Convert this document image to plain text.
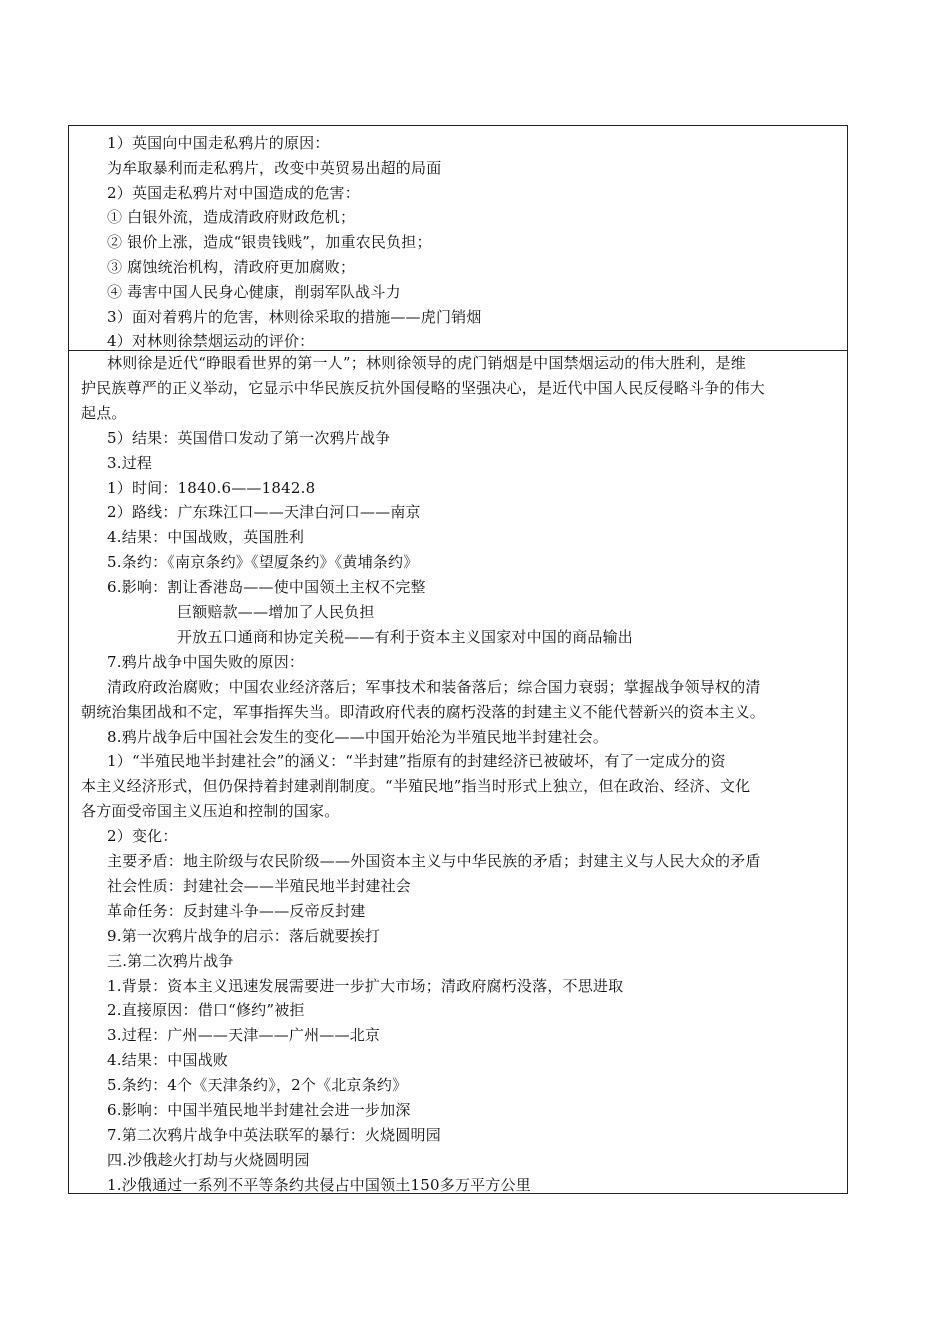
1）英国向中国走私鸦片的原因：
为牟取暴利而走私鸦片，改变中英贸易出超的局面
2）英国走私鸦片对中国造成的危害：
① 白银外流，造成清政府财政危机；
② 银价上涨，造成“银贵钱贱”，加重农民负担；
③ 腐蚀统治机构，清政府更加腐败；
④ 毒害中国人民身心健康，削弱军队战斗力
3）面对着鸦片的危害，林则徐采取的措施——虎门销烟
4）对林则徐禁烟运动的评价：
林则徐是近代“睁眼看世界的第一人”；林则徐领导的虎门销烟是中国禁烟运动的伟大胜利，是维
护民族尊严的正义举动，它显示中华民族反抗外国侵略的坚强决心，是近代中国人民反侵略斗争的伟大
起点。
5）结果：英国借口发动了第一次鸦片战争
3.过程
1）时间：1840.6——1842.8
2）路线：广东珠江口——天津白河口——南京
4.结果：中国战败，英国胜利
5.条约：《南京条约》《望厦条约》《黄埔条约》
6.影响：割让香港岛——使中国领土主权不完整
巨额赔款——增加了人民负担
开放五口通商和协定关税——有利于资本主义国家对中国的商品输出
7.鸦片战争中国失败的原因：
清政府政治腐败；中国农业经济落后；军事技术和装备落后；综合国力衰弱；掌握战争领导权的清
朝统治集团战和不定，军事指挥失当。即清政府代表的腐朽没落的封建主义不能代替新兴的资本主义。
8.鸦片战争后中国社会发生的变化——中国开始沦为半殖民地半封建社会。
1）“半殖民地半封建社会”的涵义：“半封建”指原有的封建经济已被破坏，有了一定成分的资
本主义经济形式，但仍保持着封建剥削制度。“半殖民地”指当时形式上独立，但在政治、经济、文化
各方面受帝国主义压迫和控制的国家。
2）变化：
主要矛盾：地主阶级与农民阶级——外国资本主义与中华民族的矛盾；封建主义与人民大众的矛盾
社会性质：封建社会——半殖民地半封建社会
革命任务：反封建斗争——反帝反封建
9.第一次鸦片战争的启示：落后就要挨打
三.第二次鸦片战争
1.背景：资本主义迅速发展需要进一步扩大市场；清政府腐朽没落，不思进取
2.直接原因：借口“修约”被拒
3.过程：广州——天津——广州——北京
4.结果：中国战败
5.条约：4个《天津条约》，2个《北京条约》
6.影响：中国半殖民地半封建社会进一步加深
7.第二次鸦片战争中英法联军的暴行：火烧圆明园
四.沙俄趁火打劫与火烧圆明园
1.沙俄通过一系列不平等条约共侵占中国领土150多万平方公里
